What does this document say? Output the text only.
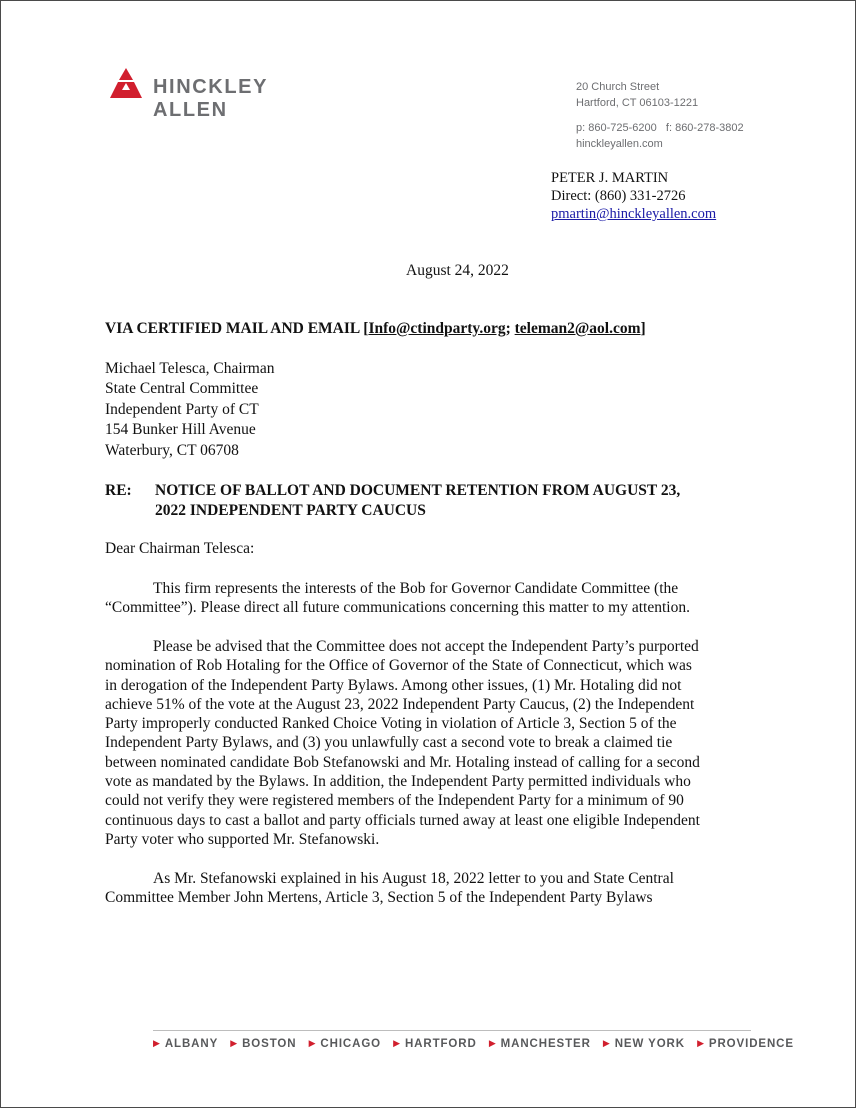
HINCKLEY
ALLEN
20 Church Street
Hartford, CT 06103-1221
p: 860-725-6200   f: 860-278-3802
hinckleyallen.com
PETER J. MARTIN
Direct: (860) 331-2726
pmartin@hinckleyallen.com
August 24, 2022
VIA CERTIFIED MAIL AND EMAIL [Info@ctindparty.org; teleman2@aol.com]
Michael Telesca, Chairman
State Central Committee
Independent Party of CT
154 Bunker Hill Avenue
Waterbury, CT 06708
RE: NOTICE OF BALLOT AND DOCUMENT RETENTION FROM AUGUST 23,
2022 INDEPENDENT PARTY CAUCUS
Dear Chairman Telesca:
This firm represents the interests of the Bob for Governor Candidate Committee (the
“Committee”). Please direct all future communications concerning this matter to my attention.
Please be advised that the Committee does not accept the Independent Party’s purported
nomination of Rob Hotaling for the Office of Governor of the State of Connecticut, which was
in derogation of the Independent Party Bylaws. Among other issues, (1) Mr. Hotaling did not
achieve 51% of the vote at the August 23, 2022 Independent Party Caucus, (2) the Independent
Party improperly conducted Ranked Choice Voting in violation of Article 3, Section 5 of the
Independent Party Bylaws, and (3) you unlawfully cast a second vote to break a claimed tie
between nominated candidate Bob Stefanowski and Mr. Hotaling instead of calling for a second
vote as mandated by the Bylaws. In addition, the Independent Party permitted individuals who
could not verify they were registered members of the Independent Party for a minimum of 90
continuous days to cast a ballot and party officials turned away at least one eligible Independent
Party voter who supported Mr. Stefanowski.
As Mr. Stefanowski explained in his August 18, 2022 letter to you and State Central
Committee Member John Mertens, Article 3, Section 5 of the Independent Party Bylaws
▶ ALBANY ▶ BOSTON ▶ CHICAGO ▶ HARTFORD ▶ MANCHESTER ▶ NEW YORK ▶ PROVIDENCE
